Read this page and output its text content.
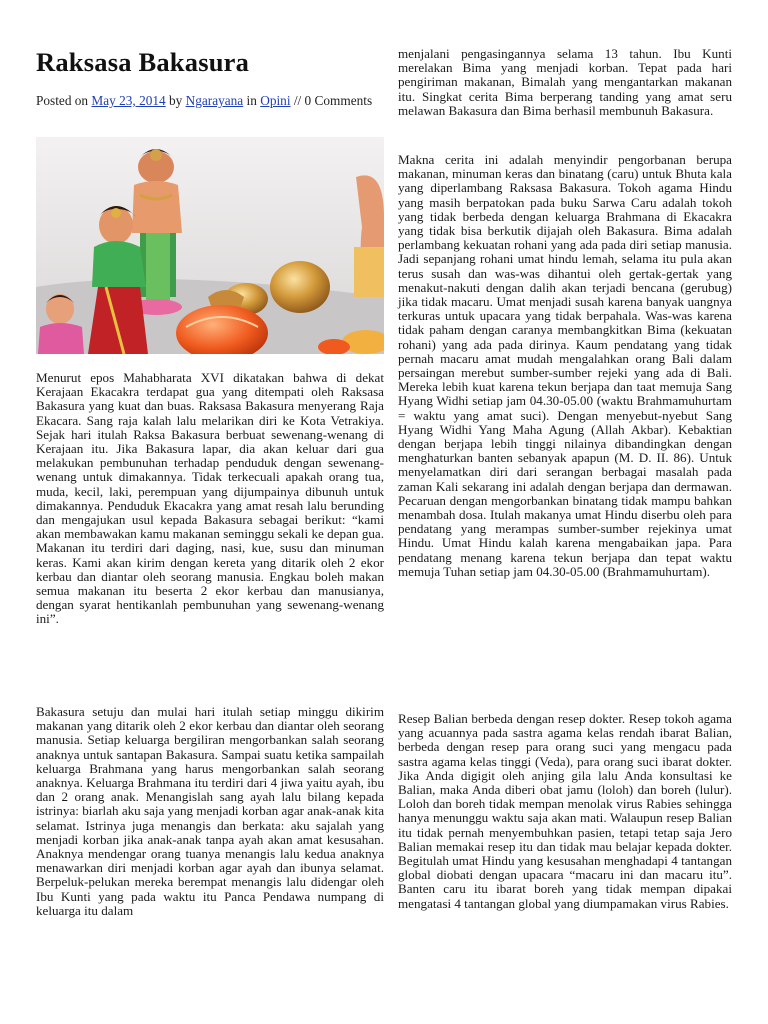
Raksasa Bakasura
Posted on May 23, 2014 by Ngarayana in Opini // 0 Comments

Menurut epos Mahabharata XVI dikatakan bahwa di dekat Kerajaan Ekacakra terdapat gua yang ditempati oleh Raksasa Bakasura yang kuat dan buas. Raksasa Bakasura menyerang Raja Ekacara. Sang raja kalah lalu melarikan diri ke Kota Vetrakiya. Sejak hari itulah Raksa Bakasura berbuat sewenang-wenang di Kerajaan itu. Jika Bakasura lapar, dia akan keluar dari gua melakukan pembunuhan terhadap penduduk dengan sewenang-wenang untuk dimakannya. Tidak terkecuali apakah orang tua, muda, kecil, laki, perempuan yang dijumpainya dibunuh untuk dimakannya. Penduduk Ekacakra yang amat resah lalu berunding dan mengajukan usul kepada Bakasura sebagai berikut: “kami akan membawakan kamu makanan seminggu sekali ke depan gua. Makanan itu terdiri dari daging, nasi, kue, susu dan minuman keras. Kami akan kirim dengan kereta yang ditarik oleh 2 ekor kerbau dan diantar oleh seorang manusia. Engkau boleh makan semua makanan itu beserta 2 ekor kerbau dan manusianya, dengan syarat hentikanlah pembunuhan yang sewenang-wenang ini”.

Bakasura setuju dan mulai hari itulah setiap minggu dikirim makanan yang ditarik oleh 2 ekor kerbau dan diantar oleh seorang manusia. Setiap keluarga bergiliran mengorbankan salah seorang anaknya untuk santapan Bakasura. Sampai suatu ketika sampailah keluarga Brahmana yang harus mengorbankan salah seorang anaknya. Keluarga Brahmana itu terdiri dari 4 jiwa yaitu ayah, ibu dan 2 orang anak. Menangislah sang ayah lalu bilang kepada istrinya: biarlah aku saja yang menjadi korban agar anak-anak kita selamat. Istrinya juga menangis dan berkata: aku sajalah yang menjadi korban jika anak-anak tanpa ayah akan amat kesusahan. Anaknya mendengar orang tuanya menangis lalu kedua anaknya menawarkan diri menjadi korban agar ayah dan ibunya selamat. Berpeluk-pelukan mereka berempat menangis lalu didengar oleh Ibu Kunti yang pada waktu itu Panca Pendawa numpang di keluarga itu dalam

menjalani pengasingannya selama 13 tahun. Ibu Kunti merelakan Bima yang menjadi korban. Tepat pada hari pengiriman makanan, Bimalah yang mengantarkan makanan itu. Singkat cerita Bima berperang tanding yang amat seru melawan Bakasura dan Bima berhasil membunuh Bakasura.

Makna cerita ini adalah menyindir pengorbanan berupa makanan, minuman keras dan binatang (caru) untuk Bhuta kala yang diperlambang Raksasa Bakasura. Tokoh agama Hindu yang masih berpatokan pada buku Sarwa Caru adalah tokoh yang tidak berbeda dengan keluarga Brahmana di Ekacakra yang tidak bisa berkutik dijajah oleh Bakasura. Bima adalah perlambang kekuatan rohani yang ada pada diri setiap manusia. Jadi sepanjang rohani umat hindu lemah, selama itu pula akan terus susah dan was-was dihantui oleh gertak-gertak yang menakut-nakuti dengan dalih akan terjadi bencana (gerubug) jika tidak macaru. Umat menjadi susah karena banyak uangnya terkuras untuk upacara yang tidak berpahala. Was-was karena tidak paham dengan caranya membangkitkan Bima (kekuatan rohani) yang ada pada dirinya. Kaum pendatang yang tidak pernah macaru amat mudah mengalahkan orang Bali dalam persaingan merebut sumber-sumber rejeki yang ada di Bali. Mereka lebih kuat karena tekun berjapa dan taat memuja Sang Hyang Widhi setiap jam 04.30-05.00 (waktu Brahmamuhurtam = waktu yang amat suci). Dengan menyebut-nyebut Sang Hyang Widhi Yang Maha Agung (Allah Akbar). Kebaktian dengan berjapa lebih tinggi nilainya dibandingkan dengan menghaturkan banten sebanyak apapun (M. D. II. 86). Untuk menyelamatkan diri dari serangan berbagai masalah pada zaman Kali sekarang ini adalah dengan berjapa dan dermawan. Pecaruan dengan mengorbankan binatang tidak mampu bahkan menambah dosa. Itulah makanya umat Hindu diserbu oleh para pendatang yang merampas sumber-sumber rejekinya umat Hindu. Umat Hindu kalah karena mengabaikan japa. Para pendatang menang karena tekun berjapa dan tepat waktu memuja Tuhan setiap jam 04.30-05.00 (Brahmamuhurtam).

Resep Balian berbeda dengan resep dokter. Resep tokoh agama yang acuannya pada sastra agama kelas rendah ibarat Balian, berbeda dengan resep para orang suci yang mengacu pada sastra agama kelas tinggi (Veda), para orang suci ibarat dokter. Jika Anda digigit oleh anjing gila lalu Anda konsultasi ke Balian, maka Anda diberi obat jamu (loloh) dan boreh (lulur). Loloh dan boreh tidak mempan menolak virus Rabies sehingga hanya menunggu waktu saja akan mati. Walaupun resep Balian itu tidak pernah menyembuhkan pasien, tetapi tetap saja Jero Balian memakai resep itu dan tidak mau belajar kepada dokter. Begitulah umat Hindu yang kesusahan menghadapi 4 tantangan global diobati dengan upacara “macaru ini dan macaru itu”. Banten caru itu ibarat boreh yang tidak mempan dipakai mengatasi 4 tantangan global yang diumpamakan virus Rabies.
